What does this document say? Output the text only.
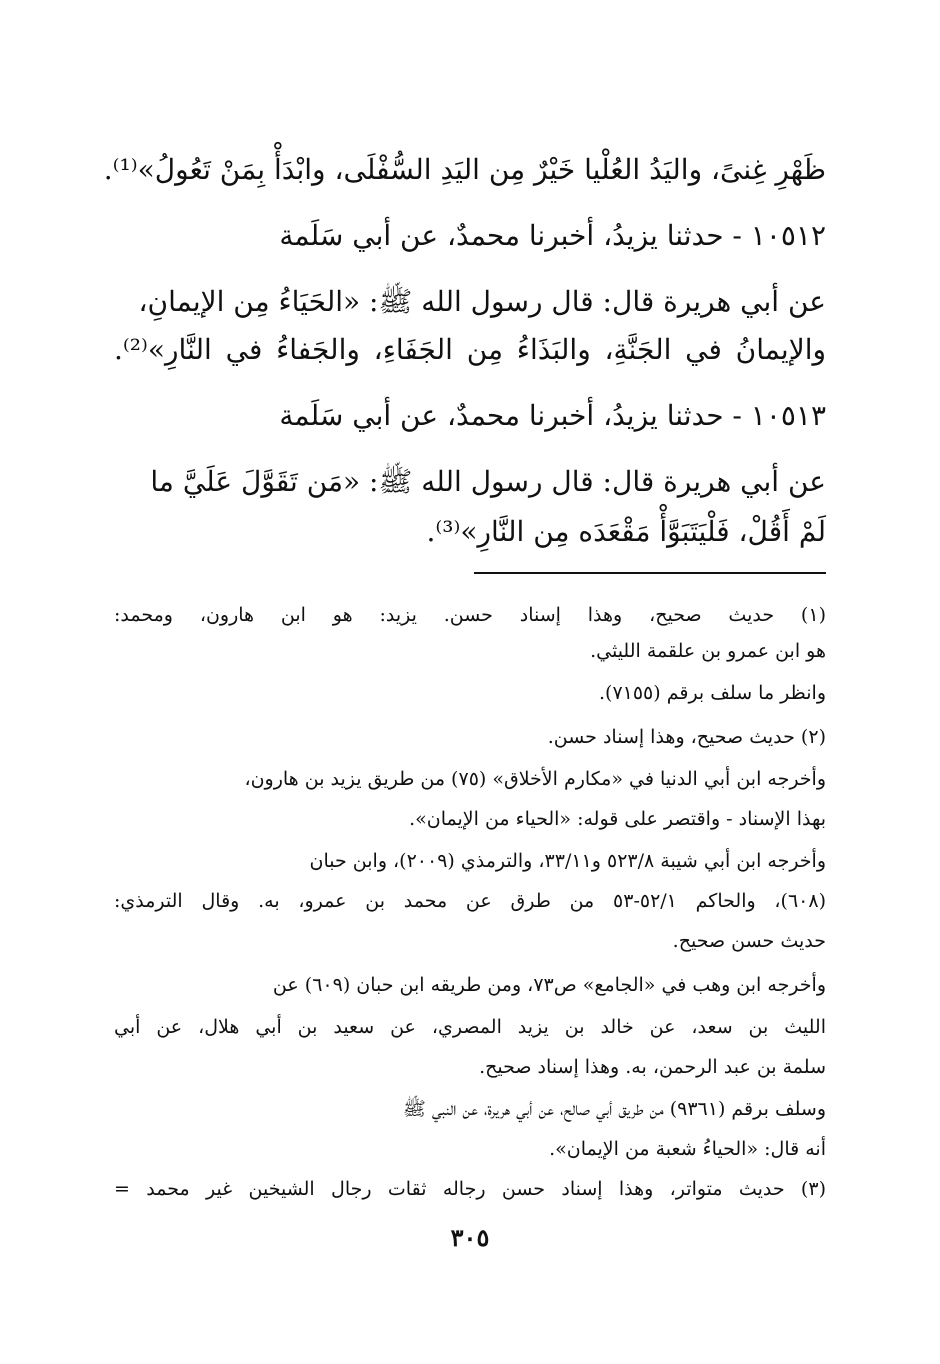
ظَهْرِ غِنىً، واليَدُ العُلْيا خَيْرٌ مِن اليَدِ السُّفْلَى، وابْدَأْ بِمَنْ تَعُولُ»⁽¹⁾.
١٠٥١٢ - حدثنا يزيدُ، أخبرنا محمدٌ، عن أبي سَلَمة
عن أبي هريرة قال: قال رسول الله ﷺ: «الحَيَاءُ مِن الإيمانِ،
والإيمانُ في الجَنَّةِ، والبَذَاءُ مِن الجَفَاءِ، والجَفاءُ في النَّارِ»⁽²⁾.
١٠٥١٣ - حدثنا يزيدُ، أخبرنا محمدٌ، عن أبي سَلَمة
عن أبي هريرة قال: قال رسول الله ﷺ: «مَن تَقَوَّلَ عَلَيَّ ما
لَمْ أَقُلْ، فَلْيَتَبَوَّأْ مَقْعَدَه مِن النَّارِ»⁽³⁾.
(١) حديث صحيح، وهذا إسناد حسن. يزيد: هو ابن هارون، ومحمد:
هو ابن عمرو بن علقمة الليثي.
وانظر ما سلف برقم (٧١٥٥).
(٢) حديث صحيح، وهذا إسناد حسن.
وأخرجه ابن أبي الدنيا في «مكارم الأخلاق» (٧٥) من طريق يزيد بن هارون،
بهذا الإسناد - واقتصر على قوله: «الحياء من الإيمان».
وأخرجه ابن أبي شيبة ٥٢٣/٨ و٣٣/١١، والترمذي (٢٠٠٩)، وابن حبان
(٦٠٨)، والحاكم ٥٢/١-٥٣ من طرق عن محمد بن عمرو، به. وقال الترمذي:
حديث حسن صحيح.
وأخرجه ابن وهب في «الجامع» ص٧٣، ومن طريقه ابن حبان (٦٠٩) عن
الليث بن سعد، عن خالد بن يزيد المصري، عن سعيد بن أبي هلال، عن أبي
سلمة بن عبد الرحمن، به. وهذا إسناد صحيح.
وسلف برقم (٩٣٦١) من طريق أبي صالح، عن أبي هريرة، عن النبي ﷺ
أنه قال: «الحياءُ شعبة من الإيمان».
(٣) حديث متواتر، وهذا إسناد حسن رجاله ثقات رجال الشيخين غير محمد =
٣٠٥
